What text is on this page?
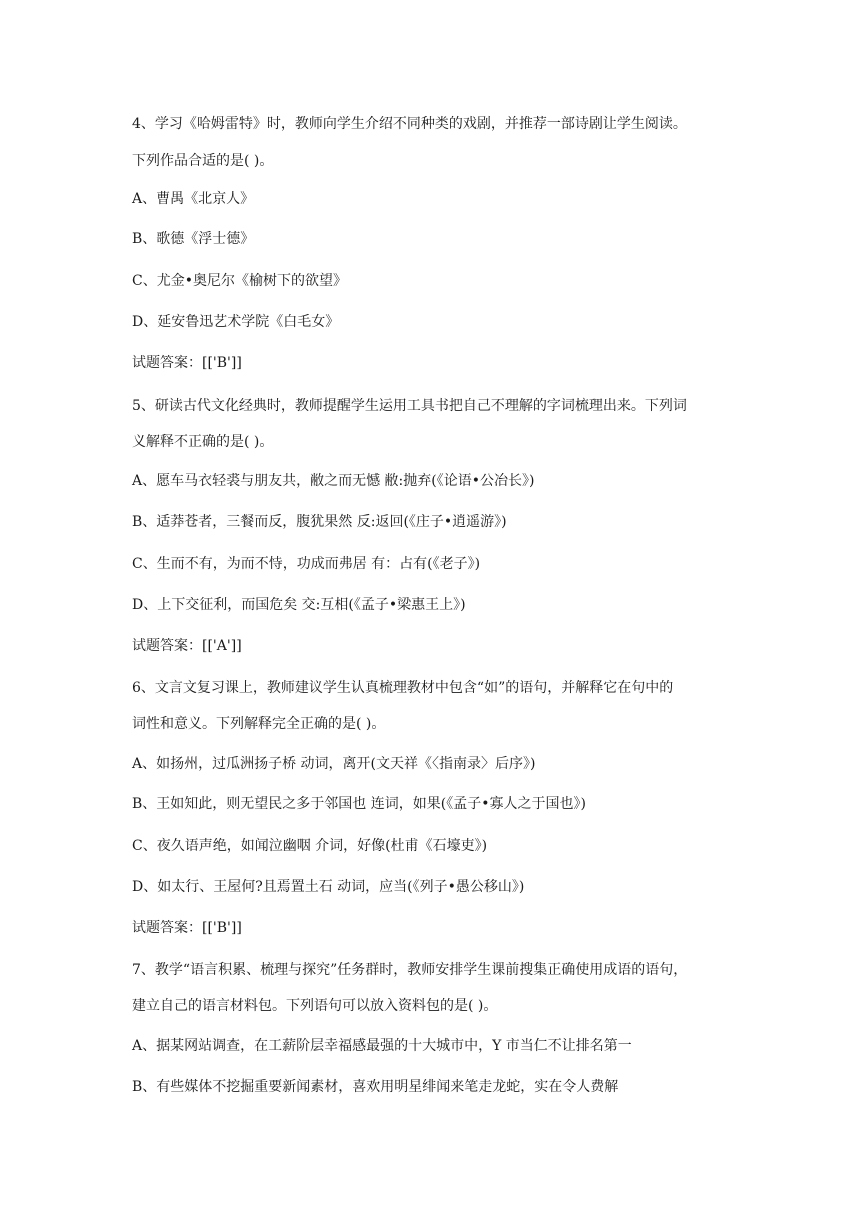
4、学习《哈姆雷特》时，教师向学生介绍不同种类的戏剧，并推荐一部诗剧让学生阅读。

下列作品合适的是( )。

A、曹禺《北京人》

B、歌德《浮士德》

C、尤金•奥尼尔《榆树下的欲望》

D、延安鲁迅艺术学院《白毛女》

试题答案：[['B']]

5、研读古代文化经典时，教师提醒学生运用工具书把自己不理解的字词梳理出来。下列词

义解释不正确的是( )。

A、愿车马衣轻裘与朋友共，敝之而无憾 敝:抛弃(《论语•公冶长》)

B、适莽苍者，三餐而反，腹犹果然 反:返回(《庄子•逍遥游》)

C、生而不有，为而不恃，功成而弗居 有：占有(《老子》)

D、上下交征利，而国危矣 交:互相(《孟子•梁惠王上》)

试题答案：[['A']]

6、文言文复习课上，教师建议学生认真梳理教材中包含“如”的语句，并解释它在句中的

词性和意义。下列解释完全正确的是( )。

A、如扬州，过瓜洲扬子桥 动词，离开(文天祥《〈指南录〉后序》)

B、王如知此，则无望民之多于邻国也 连词，如果(《孟子•寡人之于国也》)

C、夜久语声绝，如闻泣幽咽 介词，好像(杜甫《石壕吏》)

D、如太行、王屋何?且焉置土石 动词，应当(《列子•愚公移山》)

试题答案：[['B']]

7、教学“语言积累、梳理与探究”任务群时，教师安排学生课前搜集正确使用成语的语句，

建立自己的语言材料包。下列语句可以放入资料包的是( )。

A、据某网站调查，在工薪阶层幸福感最强的十大城市中，Y 市当仁不让排名第一

B、有些媒体不挖掘重要新闻素材，喜欢用明星绯闻来笔走龙蛇，实在令人费解
